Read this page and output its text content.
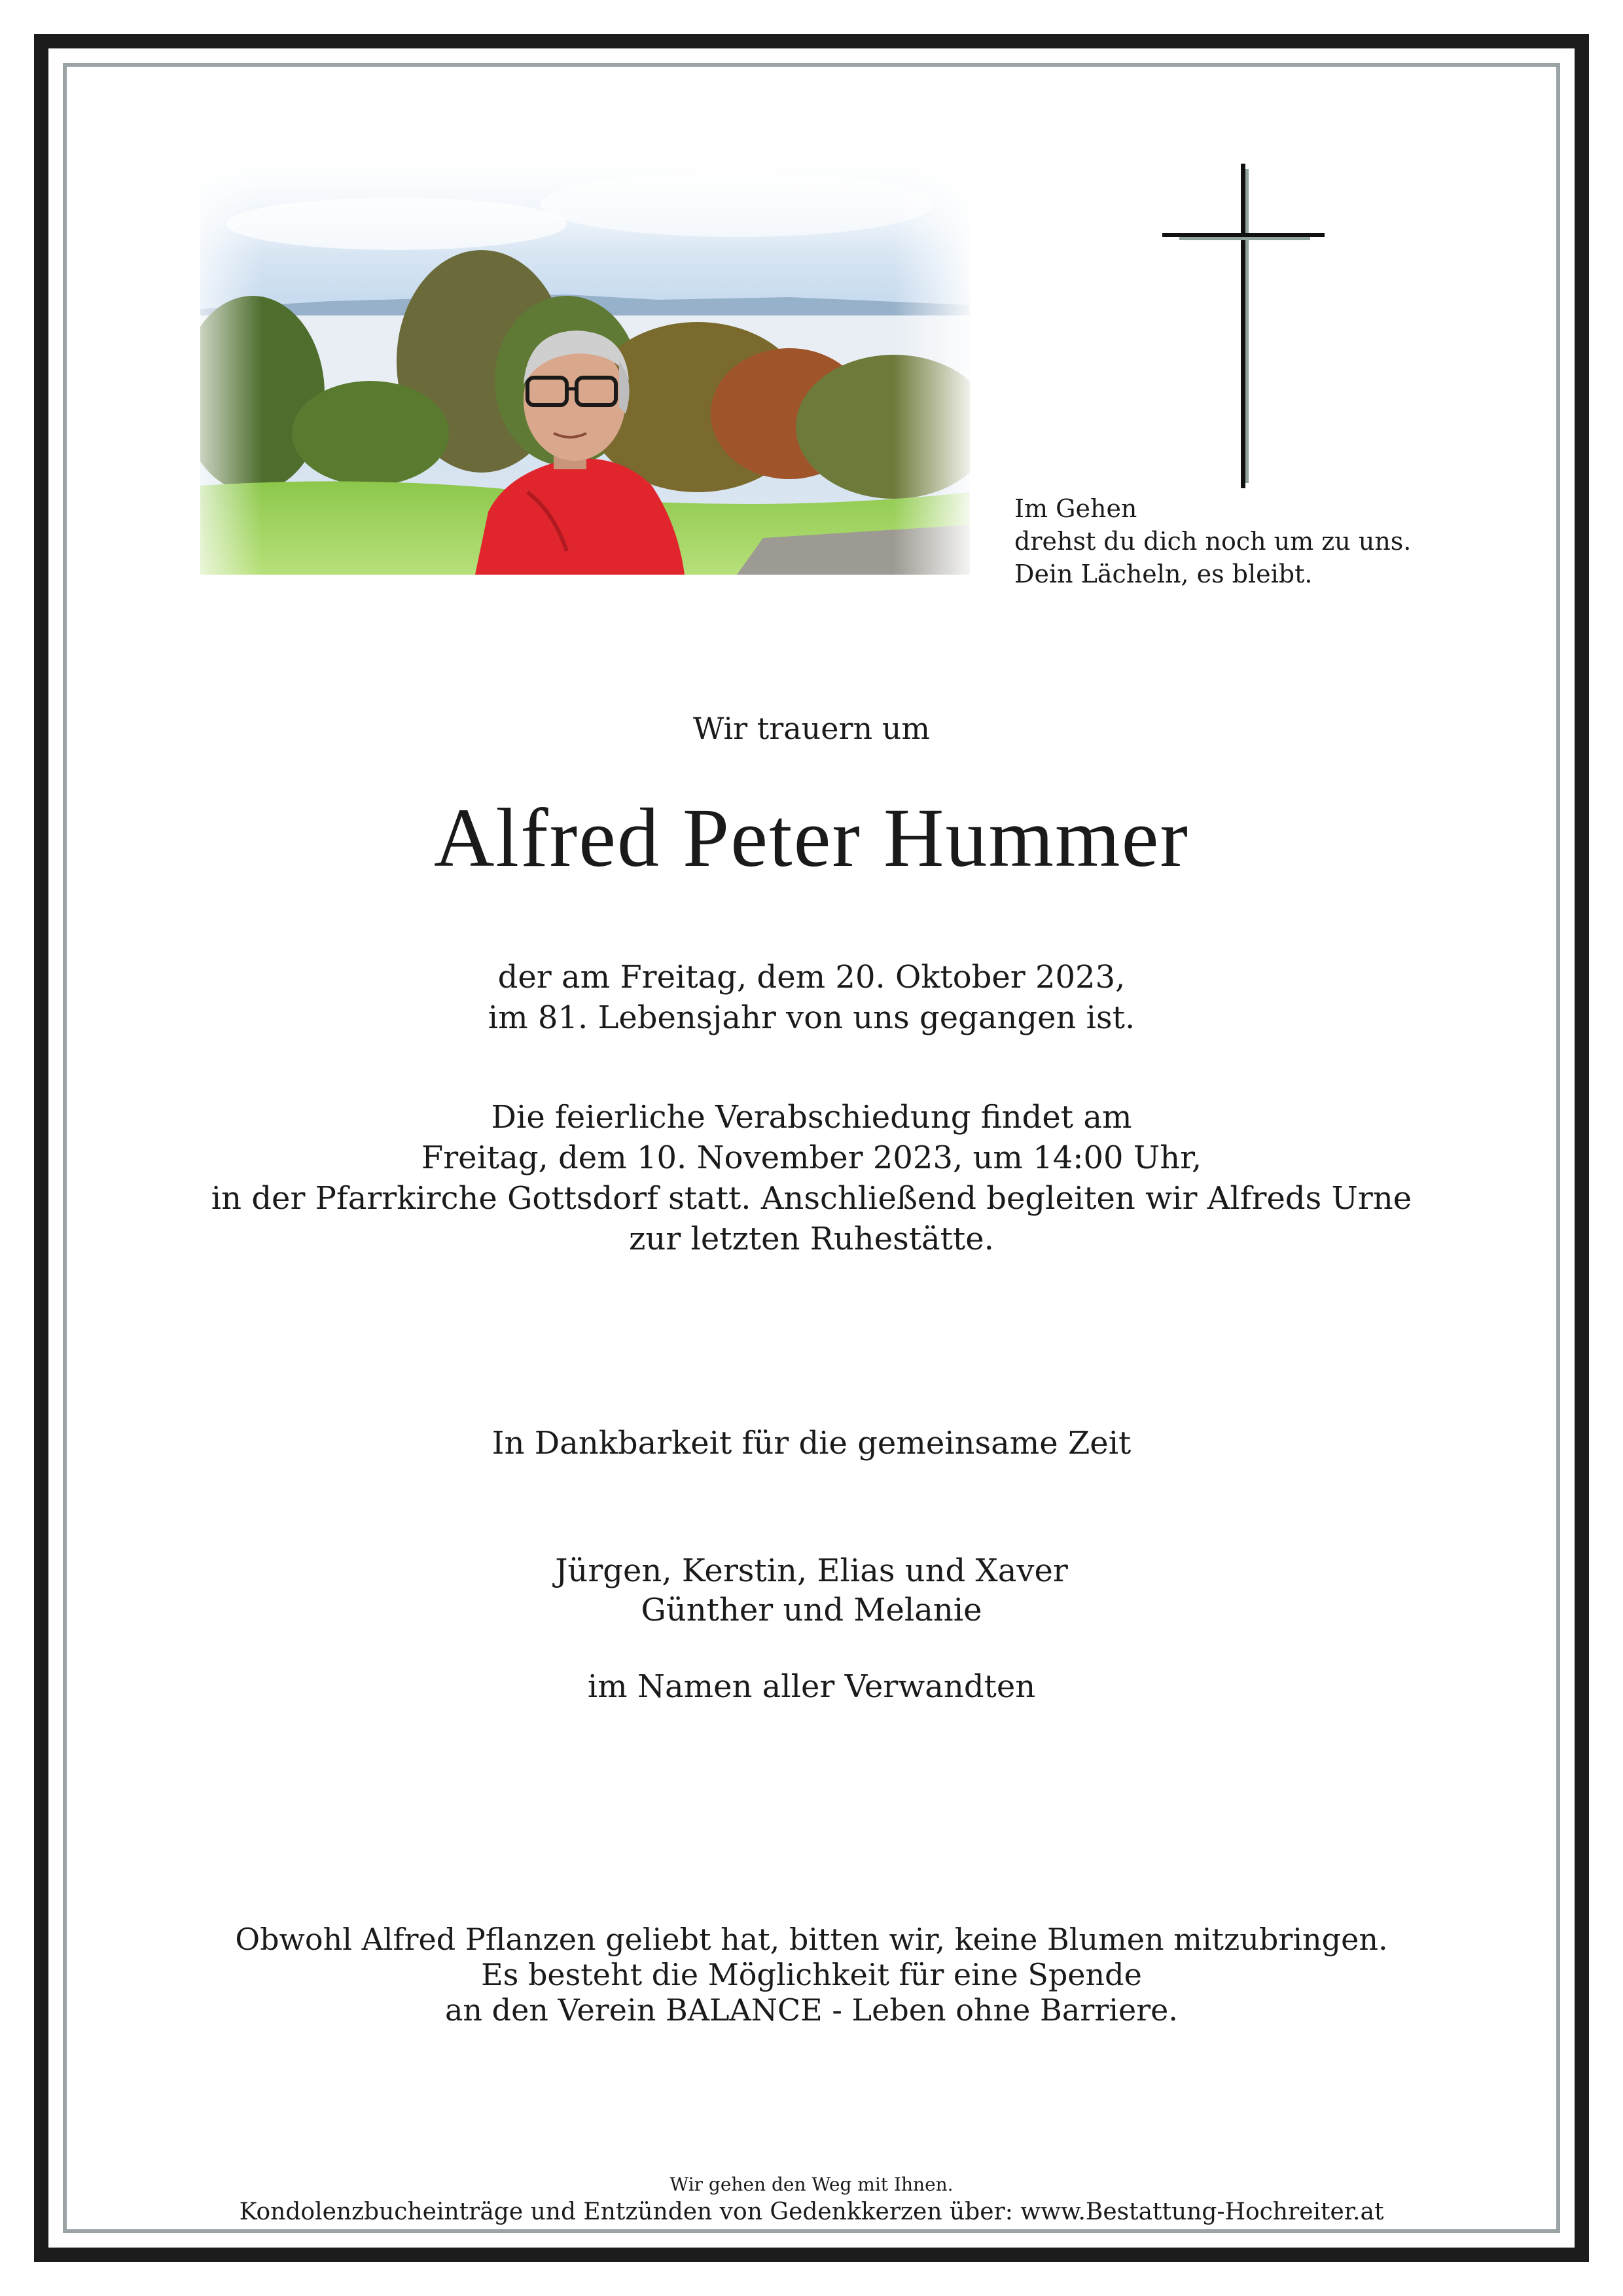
Im Gehen
drehst du dich noch um zu uns.
Dein Lächeln, es bleibt.
Wir trauern um
Alfred Peter Hummer
der am Freitag, dem 20. Oktober 2023,
im 81. Lebensjahr von uns gegangen ist.
Die feierliche Verabschiedung findet am
Freitag, dem 10. November 2023, um 14:00 Uhr,
in der Pfarrkirche Gottsdorf statt. Anschließend begleiten wir Alfreds Urne
zur letzten Ruhestätte.
In Dankbarkeit für die gemeinsame Zeit
Jürgen, Kerstin, Elias und Xaver
Günther und Melanie
im Namen aller Verwandten
Obwohl Alfred Pflanzen geliebt hat, bitten wir, keine Blumen mitzubringen.
Es besteht die Möglichkeit für eine Spende
an den Verein BALANCE - Leben ohne Barriere.
Wir gehen den Weg mit Ihnen.
Kondolenzbucheinträge und Entzünden von Gedenkkerzen über: www.Bestattung-Hochreiter.at
